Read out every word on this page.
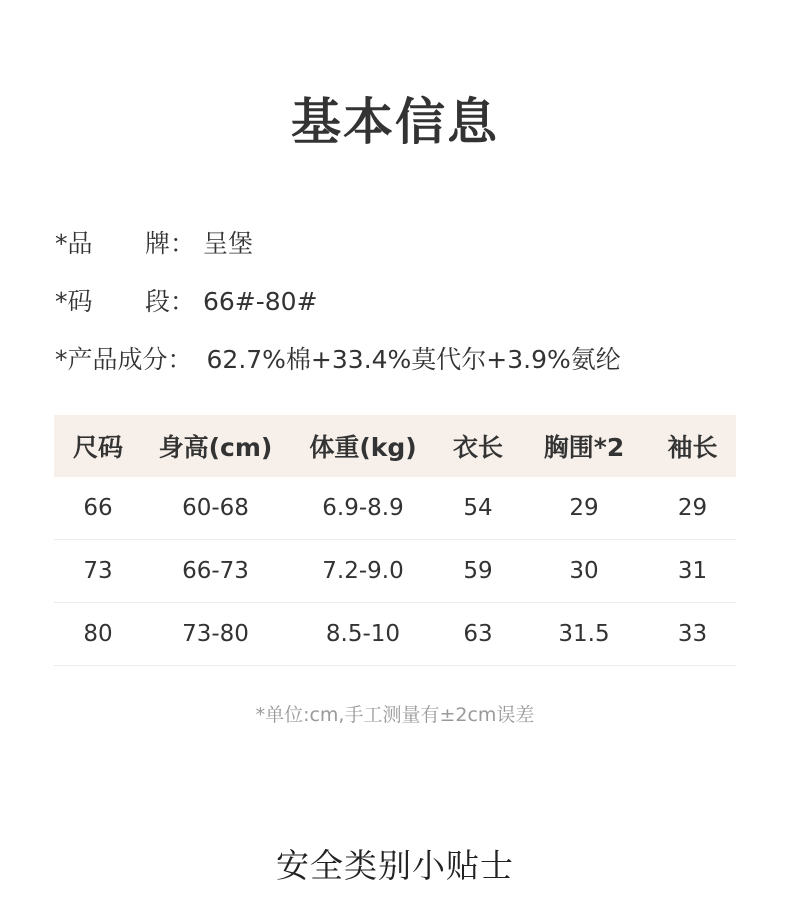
基本信息
*品 牌： 呈堡
*码 段： 66#-80#
*产品成分： 62.7%棉+33.4%莫代尔+3.9%氨纶
尺码	身高(cm)	体重(kg)	衣长	胸围*2	袖长
66	60-68	6.9-8.9	54	29	29
73	66-73	7.2-9.0	59	30	31
80	73-80	8.5-10	63	31.5	33
*单位:cm,手工测量有±2cm误差
安全类别小贴士
